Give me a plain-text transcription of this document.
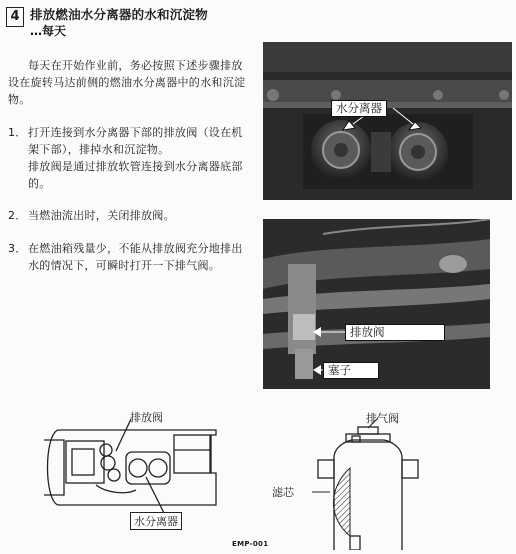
4 排放燃油水分离器的水和沉淀物
…每天
每天在开始作业前，务必按照下述步骤排放
设在旋转马达前侧的燃油水分离器中的水和沉淀
物。
1． 打开连接到水分离器下部的排放阀（设在机
架下部），排掉水和沉淀物。
排放阀是通过排放软管连接到水分离器底部
的。
2． 当燃油流出时，关闭排放阀。
3． 在燃油箱残量少，不能从排放阀充分地排出
水的情况下，可瞬时打开一下排气阀。
水分离器
排放阀
塞子
排放阀
水分离器
排气阀
滤芯
EMP-001
